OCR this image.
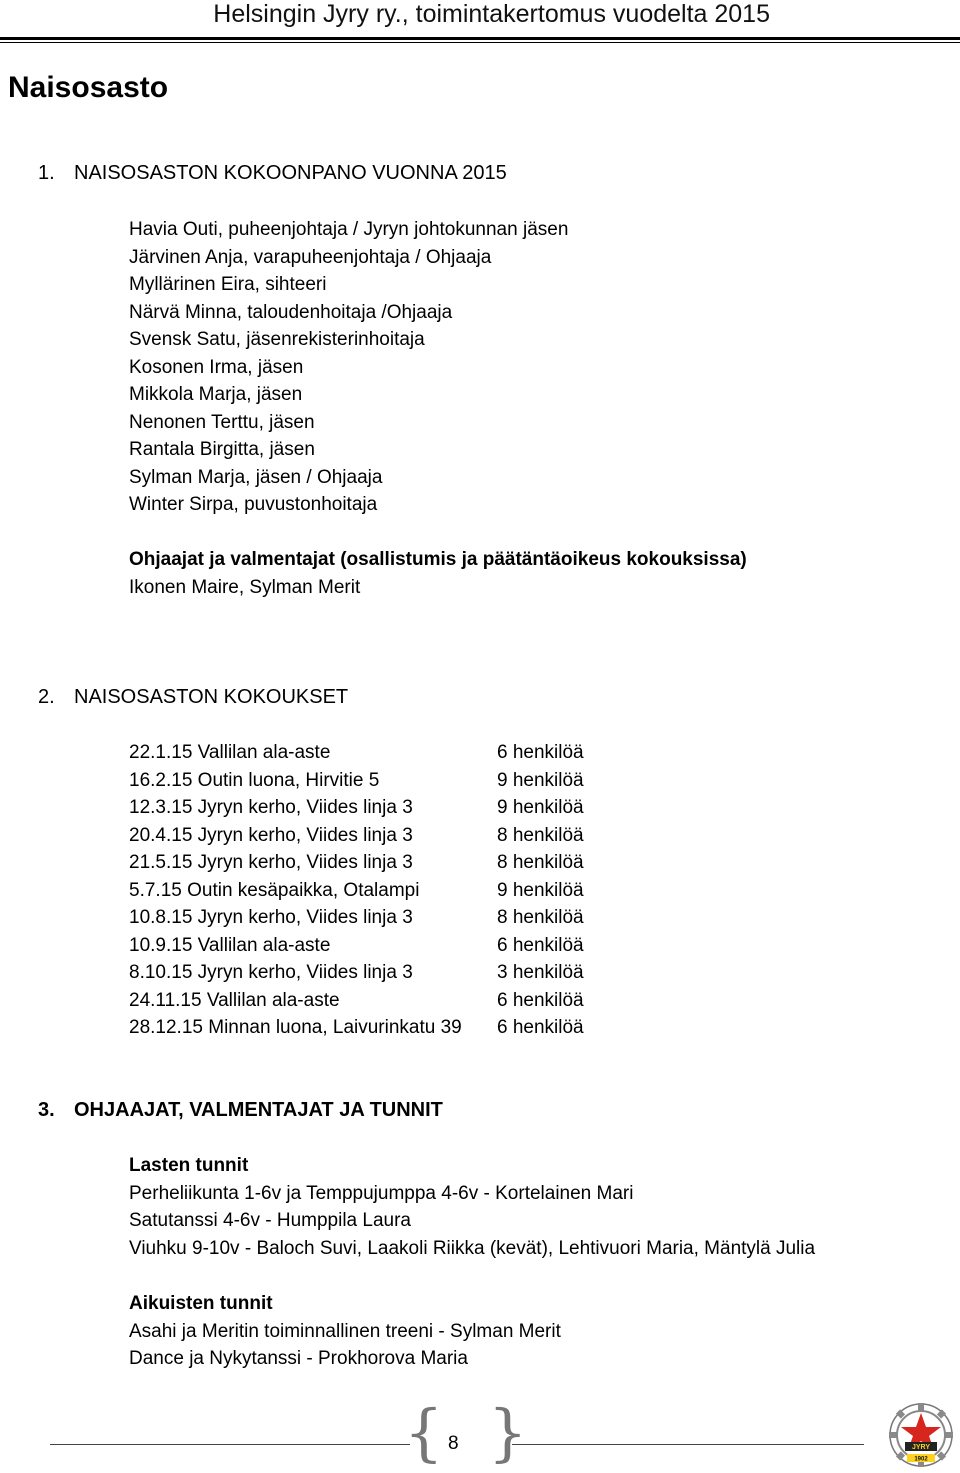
Helsingin Jyry ry., toimintakertomus vuodelta 2015
Naisosasto
1. NAISOSASTON KOKOONPANO VUONNA 2015
Havia Outi, puheenjohtaja / Jyryn johtokunnan jäsen
Järvinen Anja, varapuheenjohtaja / Ohjaaja
Myllärinen Eira, sihteeri
Närvä Minna, taloudenhoitaja /Ohjaaja
Svensk Satu, jäsenrekisterinhoitaja
Kosonen Irma, jäsen
Mikkola Marja, jäsen
Nenonen Terttu, jäsen
Rantala Birgitta, jäsen
Sylman Marja, jäsen / Ohjaaja
Winter Sirpa, puvustonhoitaja
Ohjaajat ja valmentajat (osallistumis ja päätäntäoikeus kokouksissa)
Ikonen Maire, Sylman Merit
2. NAISOSASTON KOKOUKSET
22.1.15 Vallilan ala-aste	6 henkilöä
16.2.15 Outin luona, Hirvitie 5	9 henkilöä
12.3.15 Jyryn kerho, Viides linja 3	9 henkilöä
20.4.15 Jyryn kerho, Viides linja 3	8 henkilöä
21.5.15 Jyryn kerho, Viides linja 3	8 henkilöä
5.7.15 Outin kesäpaikka, Otalampi	9 henkilöä
10.8.15 Jyryn kerho, Viides linja 3	8 henkilöä
10.9.15 Vallilan ala-aste	6 henkilöä
8.10.15 Jyryn kerho, Viides linja 3	3 henkilöä
24.11.15 Vallilan ala-aste	6 henkilöä
28.12.15 Minnan luona, Laivurinkatu 39 6 henkilöä
3. OHJAAJAT, VALMENTAJAT JA TUNNIT
Lasten tunnit
Perheliikunta 1-6v ja Temppujumppa 4-6v - Kortelainen Mari
Satutanssi 4-6v - Humppila Laura
Viuhku 9-10v - Baloch Suvi, Laakoli Riikka (kevät), Lehtivuori Maria, Mäntylä Julia
Aikuisten tunnit
Asahi ja Meritin toiminnallinen treeni - Sylman Merit
Dance ja Nykytanssi - Prokhorova Maria
{ }
8	JYRY
1902
